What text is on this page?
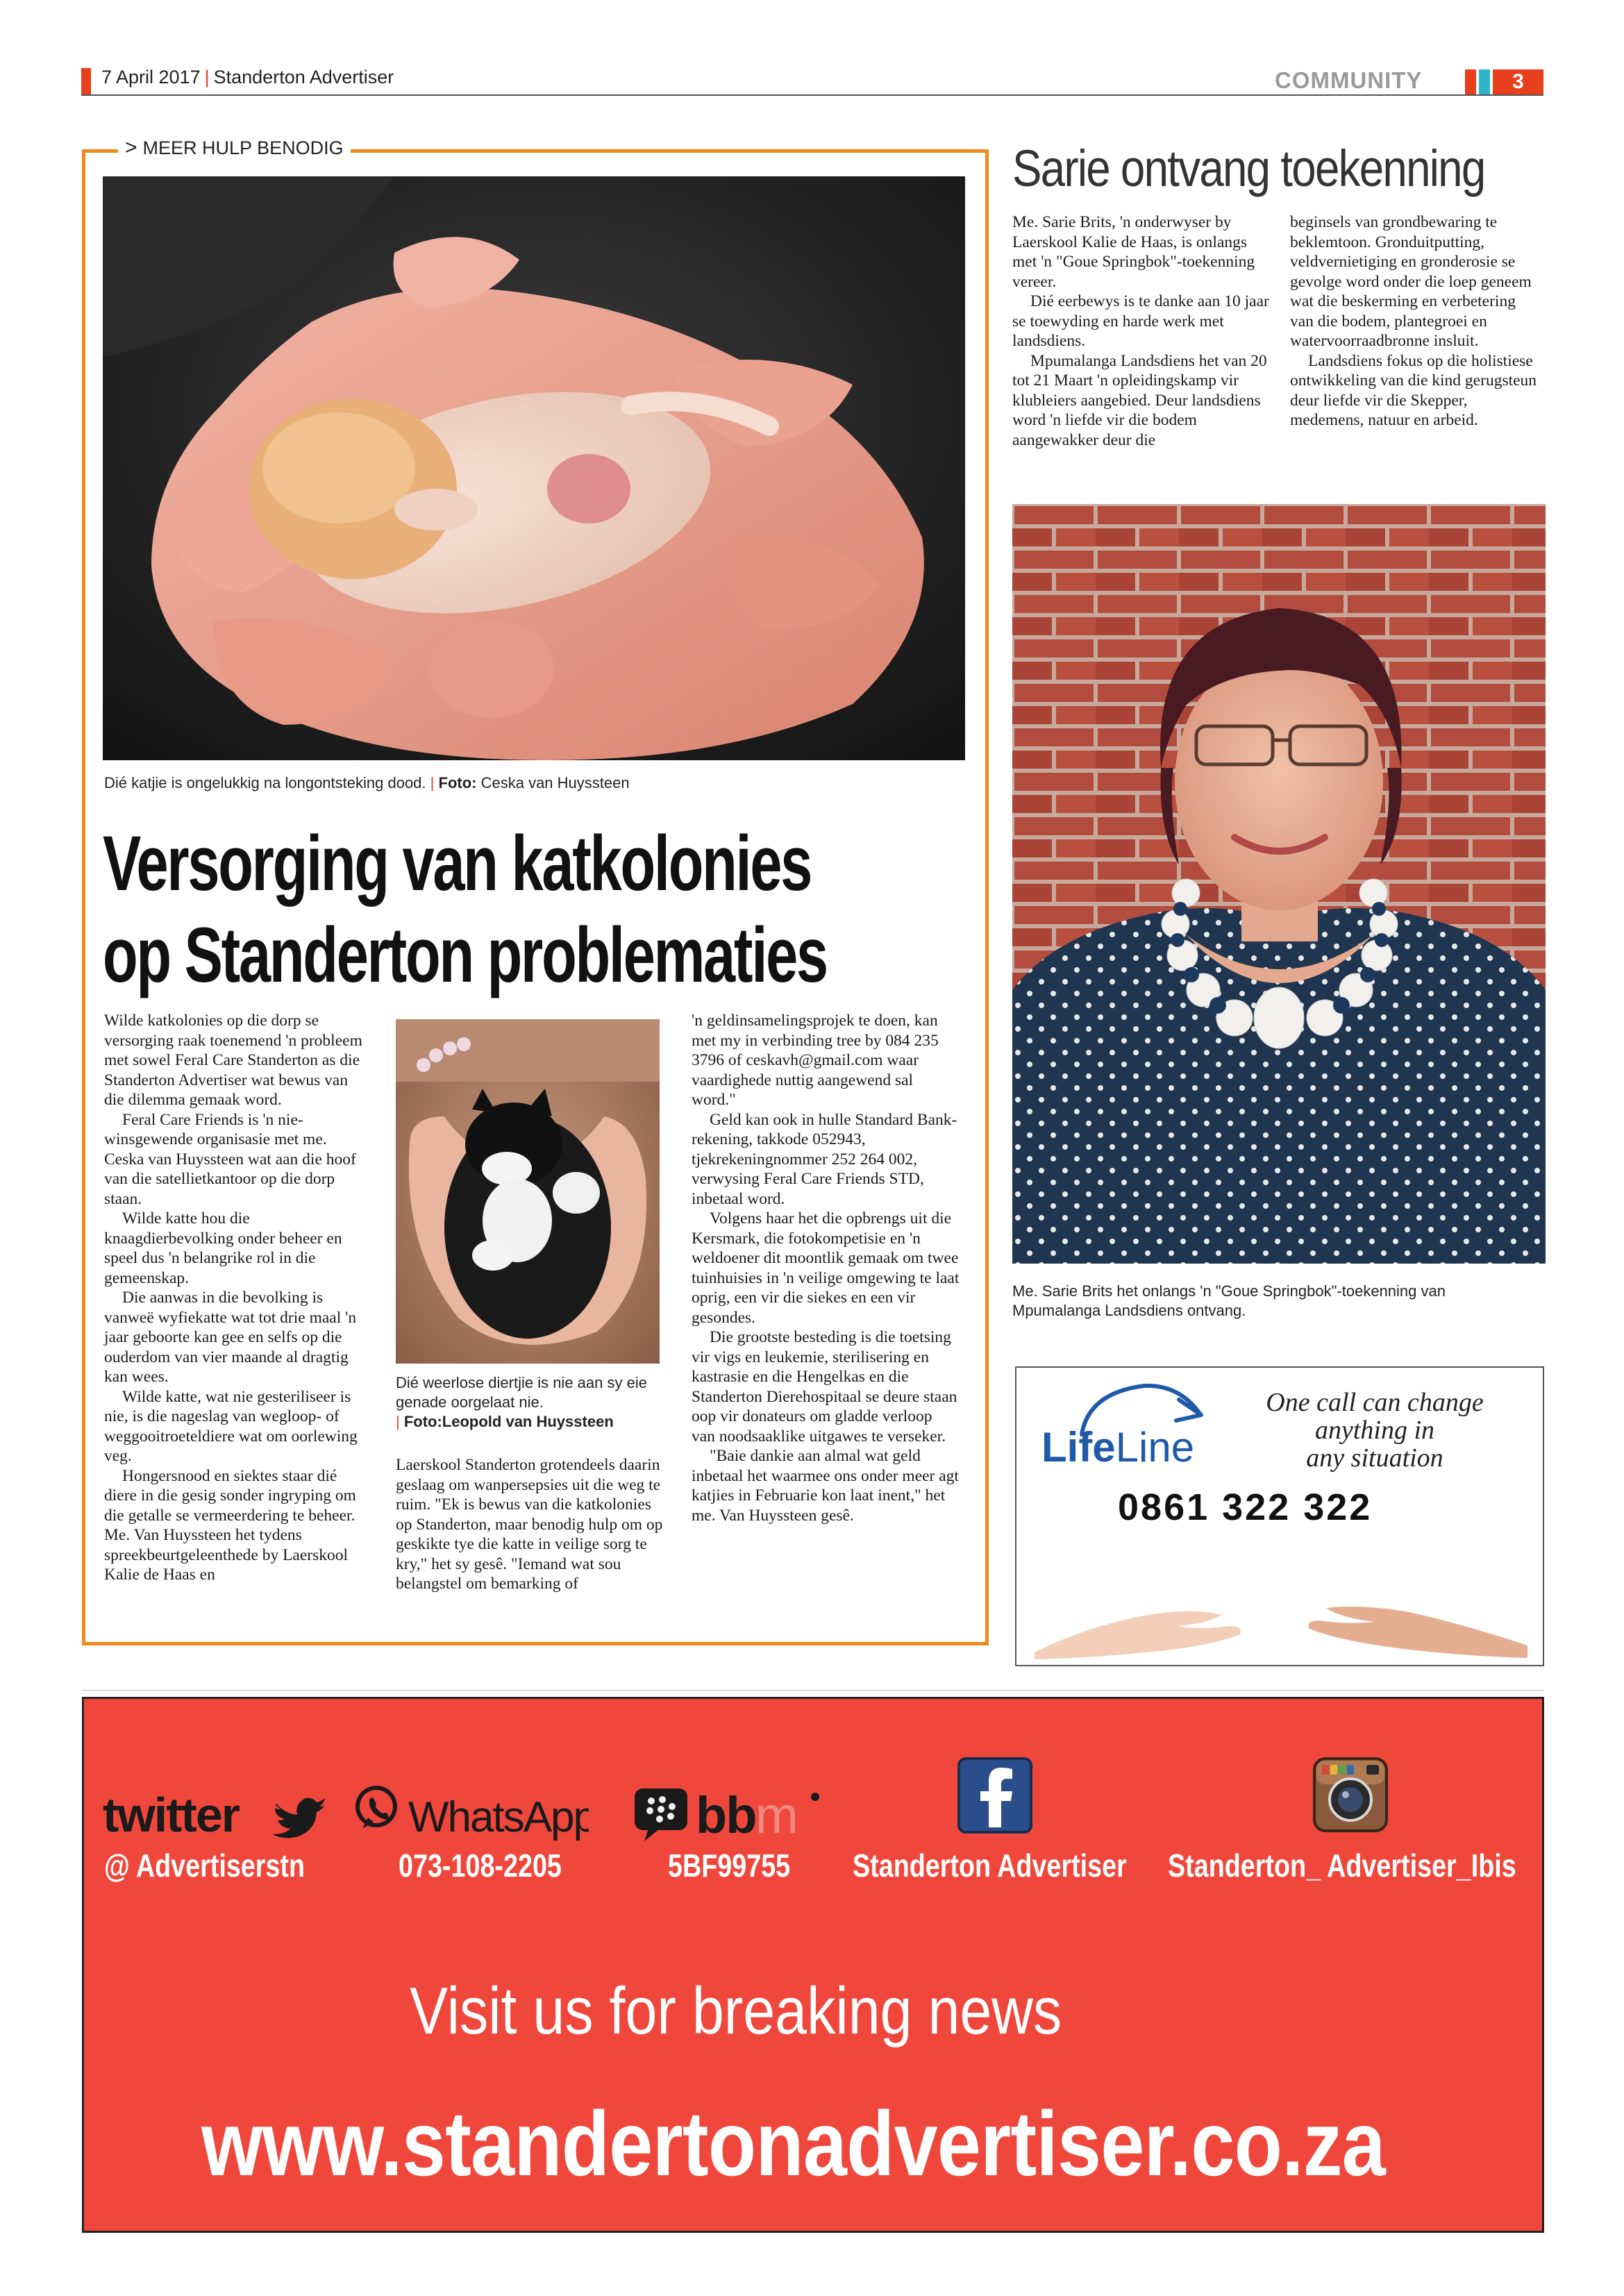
7 April 2017 | Standerton Advertiser	COMMUNITY	3
> MEER HULP BENODIG
Dié katjie is ongelukkig na longontsteking dood. | Foto: Ceska van Huyssteen
Versorging van katkolonies
op Standerton problematies

Wilde katkolonies op die dorp se versorging raak toenemend 'n probleem met sowel Feral Care Standerton as die Standerton Advertiser wat bewus van die dilemma gemaak word.

Feral Care Friends is 'n nie-winsgewende organisasie met me. Ceska van Huyssteen wat aan die hoof van die satellietkantoor op die dorp staan.

Wilde katte hou die knaagdierbevolking onder beheer en speel dus 'n belangrike rol in die gemeenskap.

Die aanwas in die bevolking is vanweë wyfiekatte wat tot drie maal 'n jaar geboorte kan gee en selfs op die ouderdom van vier maande al dragtig kan wees.

Wilde katte, wat nie gesteriliseer is nie, is die nageslag van wegloop- of weggooitroeteldiere wat om oorlewing veg.

Hongersnood en siektes staar dié diere in die gesig sonder ingryping om die getalle se vermeerdering te beheer. Me. Van Huyssteen het tydens spreekbeurtgeleenthede by Laerskool Kalie de Haas en

Dié weerlose diertjie is nie aan sy eie genade oorgelaat nie.
| Foto:Leopold van Huyssteen

Laerskool Standerton grotendeels daarin geslaag om wanpersepsies uit die weg te ruim. "Ek is bewus van die katkolonies op Standerton, maar benodig hulp om op geskikte tye die katte in veilige sorg te kry," het sy gesê. "Iemand wat sou belangstel om bemarking of

'n geldinsamelingsprojek te doen, kan met my in verbinding tree by 084 235 3796 of ceskavh@gmail.com waar vaardighede nuttig aangewend sal word."

Geld kan ook in hulle Standard Bank-rekening, takkode 052943, tjekrekeningnommer 252 264 002, verwysing Feral Care Friends STD, inbetaal word.

Volgens haar het die opbrengs uit die Kersmark, die fotokompetisie en 'n weldoener dit moontlik gemaak om twee tuinhuisies in 'n veilige omgewing te laat oprig, een vir die siekes en een vir gesondes.

Die grootste besteding is die toetsing vir vigs en leukemie, sterilisering en kastrasie en die Hengelkas en die Standerton Dierehospitaal se deure staan oop vir donateurs om gladde verloop van noodsaaklike uitgawes te verseker.

"Baie dankie aan almal wat geld inbetaal het waarmee ons onder meer agt katjies in Februarie kon laat inent," het me. Van Huyssteen gesê.

Sarie ontvang toekenning

Me. Sarie Brits, 'n onderwyser by Laerskool Kalie de Haas, is onlangs met 'n "Goue Springbok"-toekenning vereer.

Dié eerbewys is te danke aan 10 jaar se toewyding en harde werk met landsdiens.

Mpumalanga Landsdiens het van 20 tot 21 Maart 'n opleidingskamp vir klubleiers aangebied. Deur landsdiens word 'n liefde vir die bodem aangewakker deur die

beginsels van grondbewaring te beklemtoon. Gronduitputting, veldvernietiging en gronderosie se gevolge word onder die loep geneem wat die beskerming en verbetering van die bodem, plantegroei en watervoorraadbronne insluit.

Landsdiens fokus op die holistiese ontwikkeling van die kind gerugsteun deur liefde vir die Skepper, medemens, natuur en arbeid.

Me. Sarie Brits het onlangs 'n "Goue Springbok"-toekenning van Mpumalanga Landsdiens ontvang.
LifeLine
One call can change
anything in
any situation
0861 322 322
twitter
@ Advertiserstn
WhatsApp
073-108-2205
bb m
5BF99755 Standerton Advertiser Standerton_ Advertiser_Ibis
Visit us for breaking news
www.standertonadvertiser.co.za
